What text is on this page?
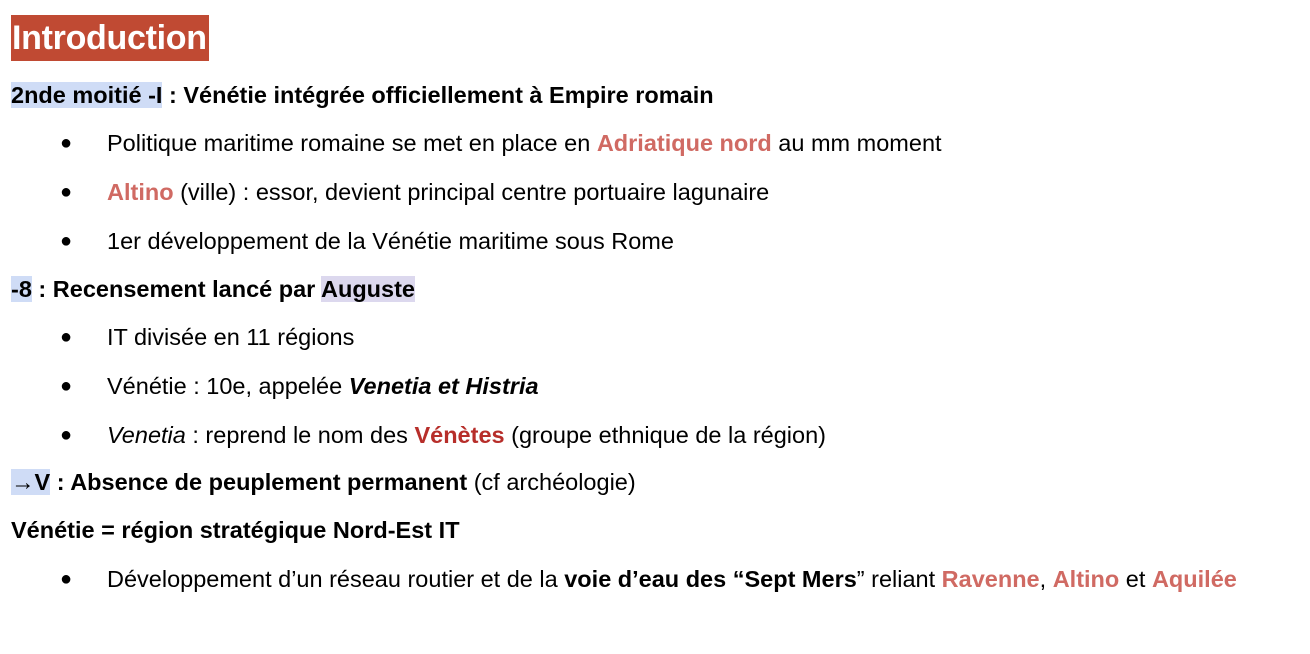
Introduction
2nde moitié -I : Vénétie intégrée officiellement à Empire romain
● Politique maritime romaine se met en place en Adriatique nord au mm moment
● Altino (ville) : essor, devient principal centre portuaire lagunaire
● 1er développement de la Vénétie maritime sous Rome
-8 : Recensement lancé par Auguste
● IT divisée en 11 régions
● Vénétie : 10e, appelée Venetia et Histria
● Venetia : reprend le nom des Vénètes (groupe ethnique de la région)
→V : Absence de peuplement permanent (cf archéologie)
Vénétie = région stratégique Nord-Est IT
● Développement d’un réseau routier et de la voie d’eau des “Sept Mers” reliant Ravenne, Altino et Aquilée
